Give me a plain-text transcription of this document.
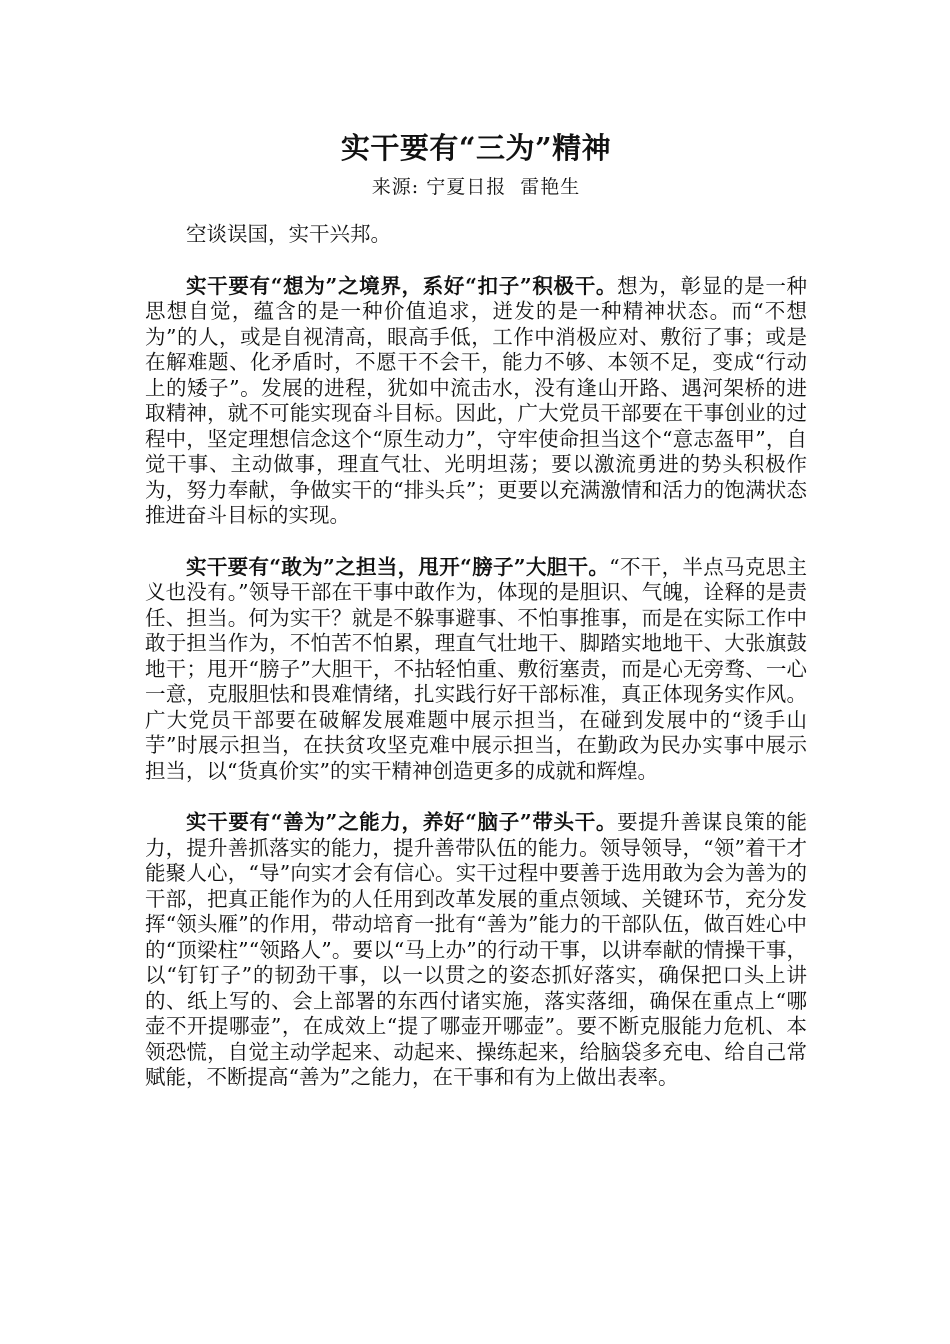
实干要有“三为”精神

来源: 宁夏日报 雷艳生

空谈误国，实干兴邦。

实干要有“想为”之境界，系好“扣子”积极干。想为，彰显的是一种思想自觉，蕴含的是一种价值追求，迸发的是一种精神状态。而“不想为”的人，或是自视清高，眼高手低，工作中消极应对、敷衍了事；或是在解难题、化矛盾时，不愿干不会干，能力不够、本领不足，变成“行动上的矮子”。发展的进程，犹如中流击水，没有逢山开路、遇河架桥的进取精神，就不可能实现奋斗目标。因此，广大党员干部要在干事创业的过程中，坚定理想信念这个“原生动力”，守牢使命担当这个“意志盔甲”，自觉干事、主动做事，理直气壮、光明坦荡；要以激流勇进的势头积极作为，努力奉献，争做实干的“排头兵”；更要以充满激情和活力的饱满状态推进奋斗目标的实现。

实干要有“敢为”之担当，甩开“膀子”大胆干。“不干，半点马克思主义也没有。”领导干部在干事中敢作为，体现的是胆识、气魄，诠释的是责任、担当。何为实干？就是不躲事避事、不怕事推事，而是在实际工作中敢于担当作为，不怕苦不怕累，理直气壮地干、脚踏实地地干、大张旗鼓地干；甩开“膀子”大胆干，不拈轻怕重、敷衍塞责，而是心无旁骛、一心一意，克服胆怯和畏难情绪，扎实践行好干部标准，真正体现务实作风。广大党员干部要在破解发展难题中展示担当，在碰到发展中的“烫手山芋”时展示担当，在扶贫攻坚克难中展示担当，在勤政为民办实事中展示担当，以“货真价实”的实干精神创造更多的成就和辉煌。

实干要有“善为”之能力，养好“脑子”带头干。要提升善谋良策的能力，提升善抓落实的能力，提升善带队伍的能力。领导领导，“领”着干才能聚人心，“导”向实才会有信心。实干过程中要善于选用敢为会为善为的干部，把真正能作为的人任用到改革发展的重点领域、关键环节，充分发挥“领头雁”的作用，带动培育一批有“善为”能力的干部队伍，做百姓心中的“顶梁柱”“领路人”。要以“马上办”的行动干事，以讲奉献的情操干事，以“钉钉子”的韧劲干事，以一以贯之的姿态抓好落实，确保把口头上讲的、纸上写的、会上部署的东西付诸实施，落实落细，确保在重点上“哪壶不开提哪壶”，在成效上“提了哪壶开哪壶”。要不断克服能力危机、本领恐慌，自觉主动学起来、动起来、操练起来，给脑袋多充电、给自己常赋能，不断提高“善为”之能力，在干事和有为上做出表率。
